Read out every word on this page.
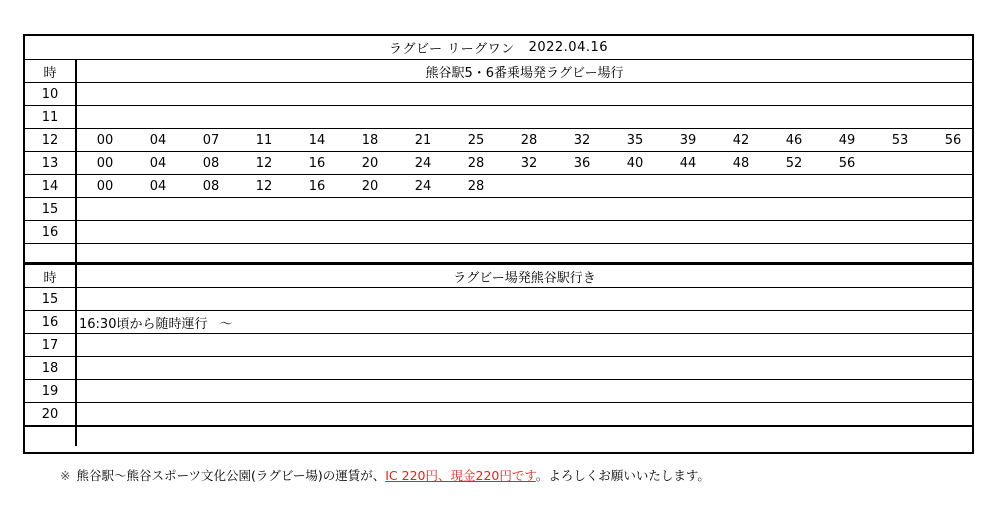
ラグビー リーグワン 2022.04.16
時	熊谷駅5・6番乗場発ラグビー場行
10
11
12	00	04	07	11	14	18	21	25	28	32	35	39	42	46	49	53	56
13	00	04	08	12	16	20	24	28	32	36	40	44	48	52	56
14	00	04	08	12	16	20	24	28
15
16
時	ラグビー場発熊谷駅行き
15
16	16:30頃から随時運行 ～
17
18
19
20
※ 熊谷駅～熊谷スポーツ文化公園(ラグビー場)の運賃が、IC 220円、現金220円です。よろしくお願いいたします。
